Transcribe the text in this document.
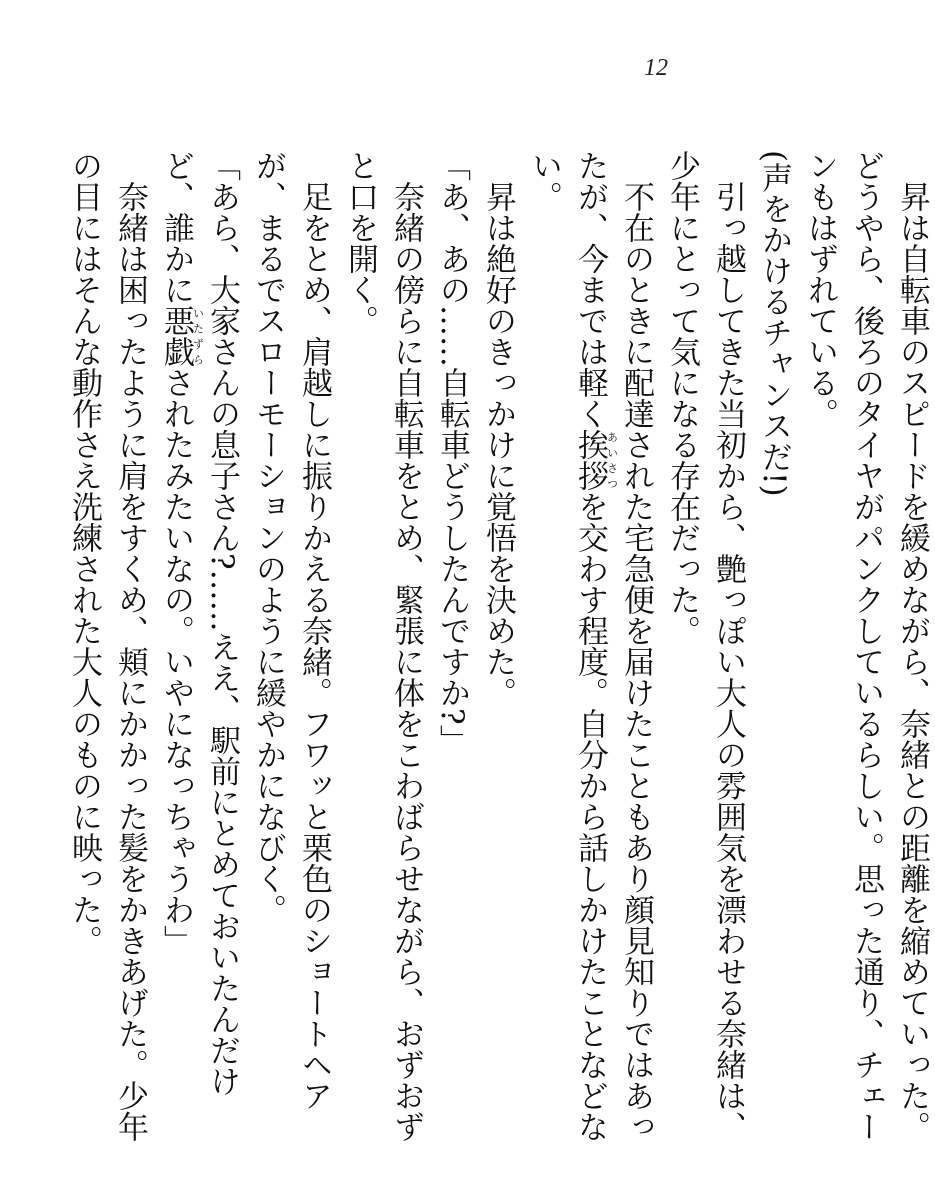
12

昇は自転車のスピードを緩めながら、奈緒との距離を縮めていった。どうやら、後ろのタイヤがパンクしているらしい。思った通り、チェーンもはずれている。

(声をかけるチャンスだ!)

引っ越してきた当初から、艶っぽい大人の雰囲気を漂わせる奈緒は、少年にとって気になる存在だった。

不在のときに配達された宅急便を届けたこともあり顔見知りではあったが、今までは軽く挨拶あいさつを交わす程度。自分から話しかけたことなどない。

昇は絶好のきっかけに覚悟を決めた。

「あ、あの……自転車どうしたんですか?」

奈緒の傍らに自転車をとめ、緊張に体をこわばらせながら、おずおずと口を開く。

足をとめ、肩越しに振りかえる奈緒。フワッと栗色のショートヘアが、まるでスローモーションのように緩やかになびく。

「あら、大家さんの息子さん?……ええ、駅前にとめておいたんだけど、誰かに悪戯いたずらされたみたいなの。いやになっちゃうわ」

奈緒は困ったように肩をすくめ、頬にかかった髪をかきあげた。少年の目にはそんな動作さえ洗練された大人のものに映った。
